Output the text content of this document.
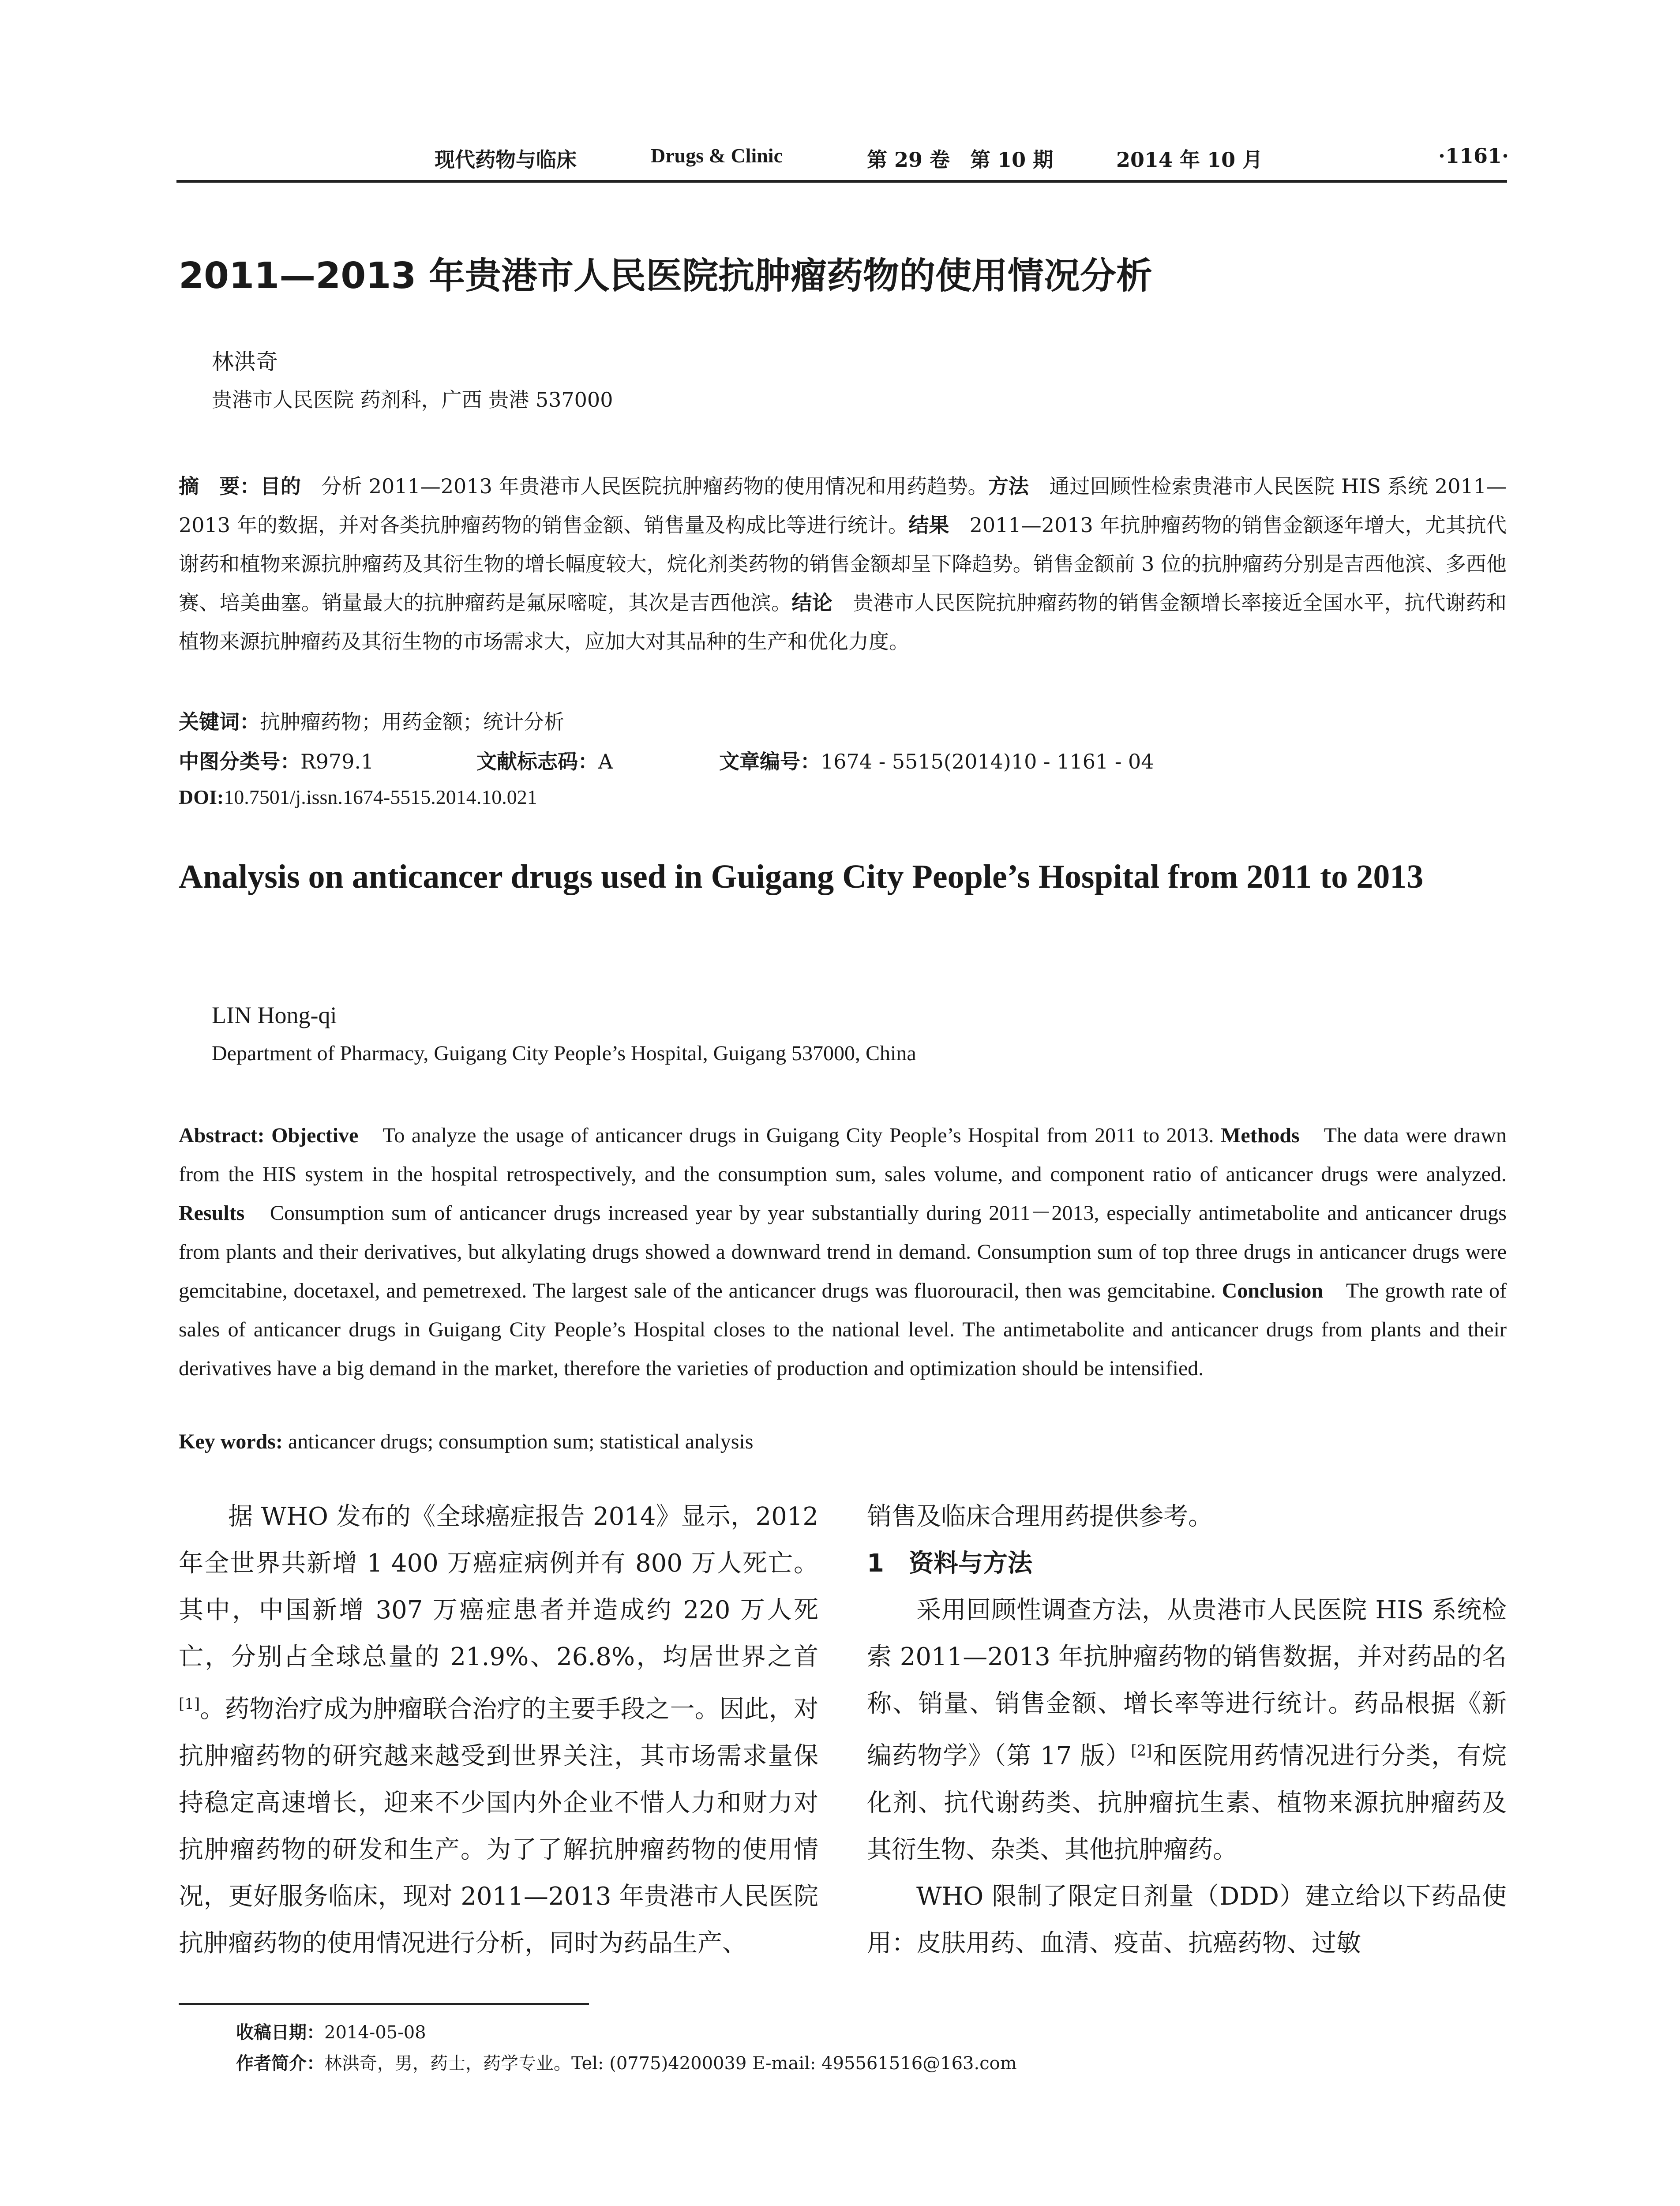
现代药物与临床	Drugs & Clinic	第 29 卷　第 10 期	2014 年 10 月	·1161·
2011—2013 年贵港市人民医院抗肿瘤药物的使用情况分析
林洪奇
贵港市人民医院 药剂科，广西 贵港 537000
摘　要：目的　分析 2011—2013 年贵港市人民医院抗肿瘤药物的使用情况和用药趋势。方法　通过回顾性检索贵港市人民医院 HIS 系统 2011—2013 年的数据，并对各类抗肿瘤药物的销售金额、销售量及构成比等进行统计。结果　2011—2013 年抗肿瘤药物的销售金额逐年增大，尤其抗代谢药和植物来源抗肿瘤药及其衍生物的增长幅度较大，烷化剂类药物的销售金额却呈下降趋势。销售金额前 3 位的抗肿瘤药分别是吉西他滨、多西他赛、培美曲塞。销量最大的抗肿瘤药是氟尿嘧啶，其次是吉西他滨。结论　贵港市人民医院抗肿瘤药物的销售金额增长率接近全国水平，抗代谢药和植物来源抗肿瘤药及其衍生物的市场需求大，应加大对其品种的生产和优化力度。
关键词：抗肿瘤药物；用药金额；统计分析
中图分类号：R979.1	文献标志码：A	文章编号：1674 - 5515(2014)10 - 1161 - 04
DOI:10.7501/j.issn.1674-5515.2014.10.021
Analysis on anticancer drugs used in Guigang City People’s Hospital from 2011 to 2013
LIN Hong-qi
Department of Pharmacy, Guigang City People’s Hospital, Guigang 537000, China
Abstract: Objective　To analyze the usage of anticancer drugs in Guigang City People’s Hospital from 2011 to 2013. Methods　The data were drawn from the HIS system in the hospital retrospectively, and the consumption sum, sales volume, and component ratio of anticancer drugs were analyzed. Results　Consumption sum of anticancer drugs increased year by year substantially during 2011－2013, especially antimetabolite and anticancer drugs from plants and their derivatives, but alkylating drugs showed a downward trend in demand. Consumption sum of top three drugs in anticancer drugs were gemcitabine, docetaxel, and pemetrexed. The largest sale of the anticancer drugs was fluorouracil, then was gemcitabine. Conclusion　The growth rate of sales of anticancer drugs in Guigang City People’s Hospital closes to the national level. The antimetabolite and anticancer drugs from plants and their derivatives have a big demand in the market, therefore the varieties of production and optimization should be intensified.
Key words: anticancer drugs; consumption sum; statistical analysis

据 WHO 发布的《全球癌症报告 2014》显示，2012 年全世界共新增 1 400 万癌症病例并有 800 万人死亡。其中，中国新增 307 万癌症患者并造成约 220 万人死亡，分别占全球总量的 21.9%、26.8%，均居世界之首[1]。药物治疗成为肿瘤联合治疗的主要手段之一。因此，对抗肿瘤药物的研究越来越受到世界关注，其市场需求量保持稳定高速增长，迎来不少国内外企业不惜人力和财力对抗肿瘤药物的研发和生产。为了了解抗肿瘤药物的使用情况，更好服务临床，现对 2011—2013 年贵港市人民医院抗肿瘤药物的使用情况进行分析，同时为药品生产、

销售及临床合理用药提供参考。

1　资料与方法

采用回顾性调查方法，从贵港市人民医院 HIS 系统检索 2011—2013 年抗肿瘤药物的销售数据，并对药品的名称、销量、销售金额、增长率等进行统计。药品根据《新编药物学》（第 17 版）[2]和医院用药情况进行分类，有烷化剂、抗代谢药类、抗肿瘤抗生素、植物来源抗肿瘤药及其衍生物、杂类、其他抗肿瘤药。

WHO 限制了限定日剂量（DDD）建立给以下药品使用：皮肤用药、血清、疫苗、抗癌药物、过敏

收稿日期：2014-05-08
作者简介：林洪奇，男，药士，药学专业。Tel: (0775)4200039 E-mail: 495561516@163.com
